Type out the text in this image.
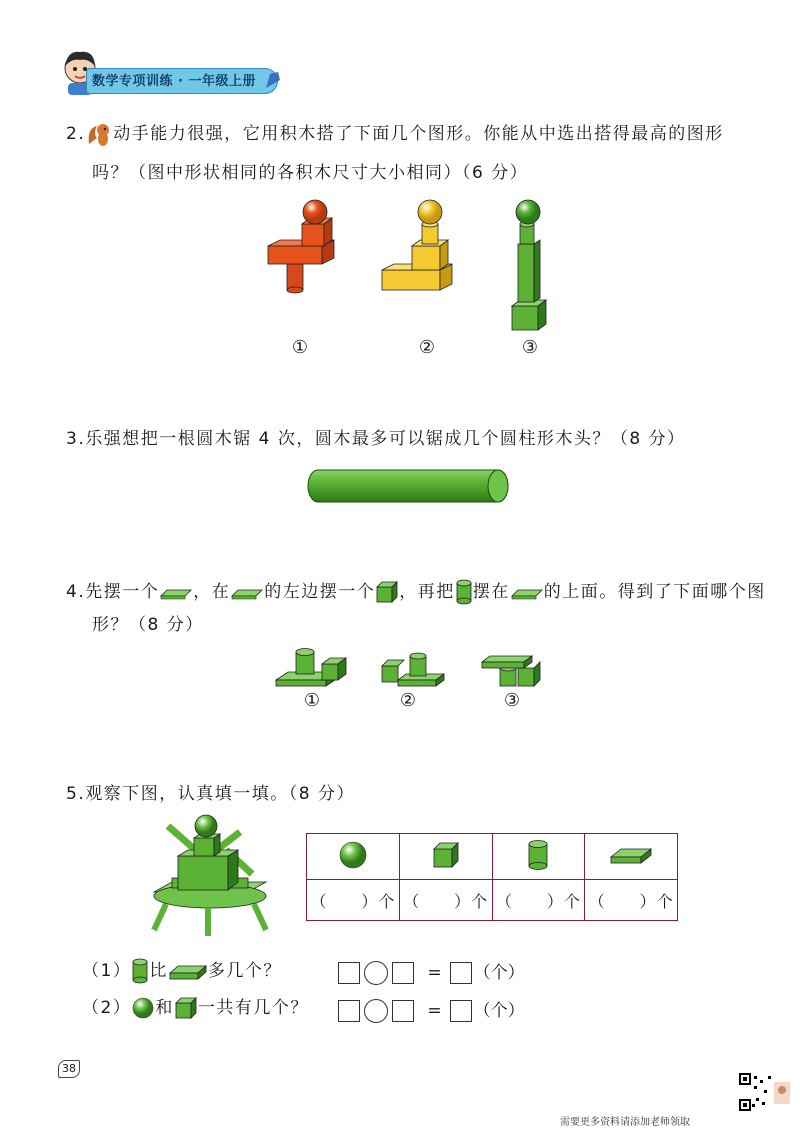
数学专项训练 · 一年级上册
2. 动手能力很强，它用积木搭了下面几个图形。你能从中选出搭得最高的图形
吗？（图中形状相同的各积木尺寸大小相同）（6 分）
①	②	③
3.乐强想把一根圆木锯 4 次，圆木最多可以锯成几个圆柱形木头？（8 分）
4.先摆一个 ，在 的左边摆一个 ，再把 摆在 的上面。得到了下面哪个图
形？（8 分）
①	②	③
5.观察下图，认真填一填。（8 分）

（　　 ）个	（　　 ）个	（　　 ）个	（　　 ）个
（1） 比 多几个？	= （个）
（2） 和 一共有几个？	= （个）
38
需要更多资料请添加老师领取
